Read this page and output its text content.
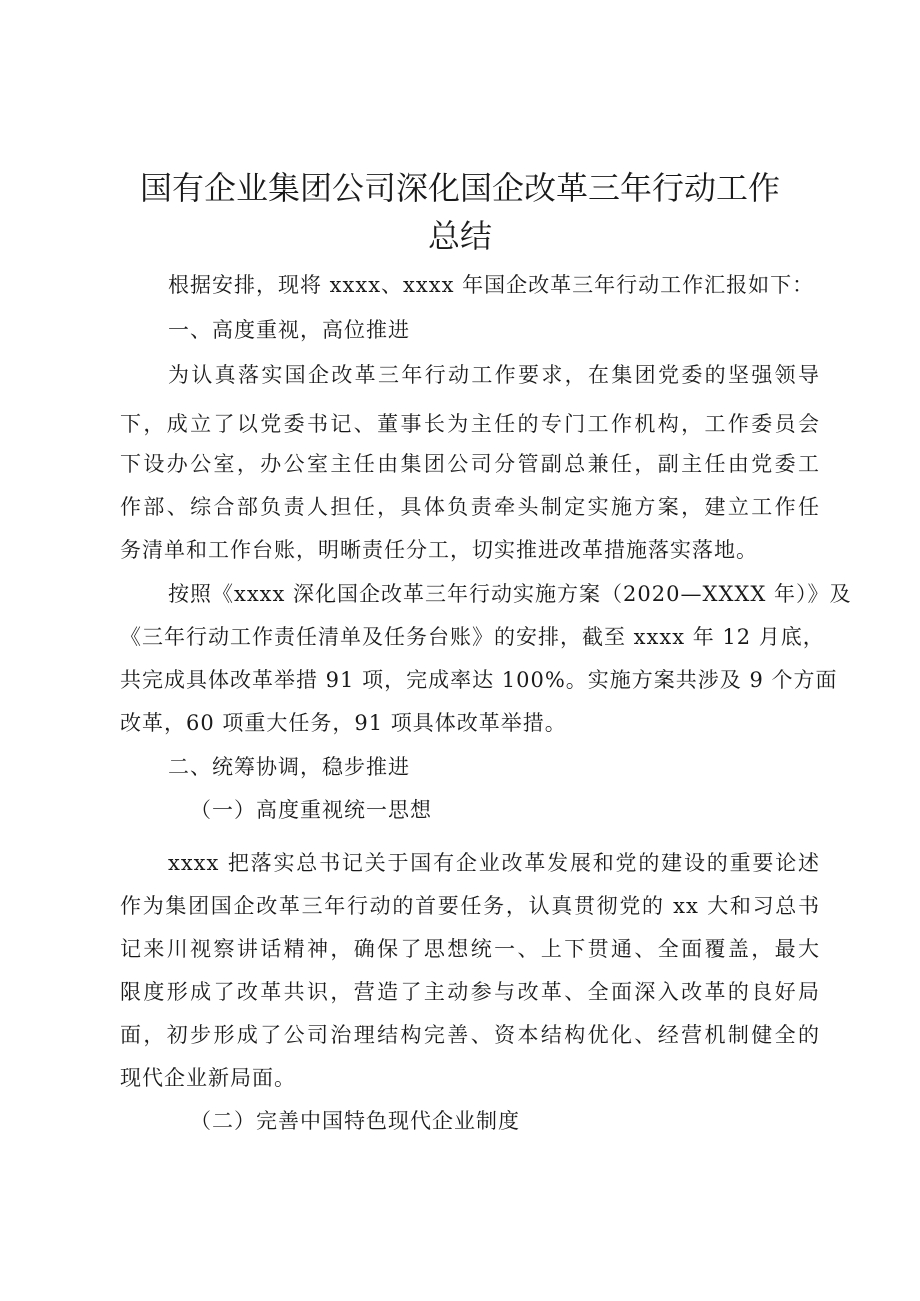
国有企业集团公司深化国企改革三年行动工作
总结

根据安排，现将 xxxx、xxxx 年国企改革三年行动工作汇报如下：

一、高度重视，高位推进

为认真落实国企改革三年行动工作要求，在集团党委的坚强领导

下，成立了以党委书记、董事长为主任的专门工作机构，工作委员会

下设办公室，办公室主任由集团公司分管副总兼任，副主任由党委工

作部、综合部负责人担任，具体负责牵头制定实施方案，建立工作任

务清单和工作台账，明晰责任分工，切实推进改革措施落实落地。

按照《xxxx 深化国企改革三年行动实施方案（2020—XXXX 年）》及

《三年行动工作责任清单及任务台账》的安排，截至 xxxx 年 12 月底，

共完成具体改革举措 91 项，完成率达 100%。实施方案共涉及 9 个方面

改革，60 项重大任务，91 项具体改革举措。

二、统筹协调，稳步推进

（一）高度重视统一思想

xxxx 把落实总书记关于国有企业改革发展和党的建设的重要论述

作为集团国企改革三年行动的首要任务，认真贯彻党的 xx 大和习总书

记来川视察讲话精神，确保了思想统一、上下贯通、全面覆盖，最大

限度形成了改革共识，营造了主动参与改革、全面深入改革的良好局

面，初步形成了公司治理结构完善、资本结构优化、经营机制健全的

现代企业新局面。

（二）完善中国特色现代企业制度
